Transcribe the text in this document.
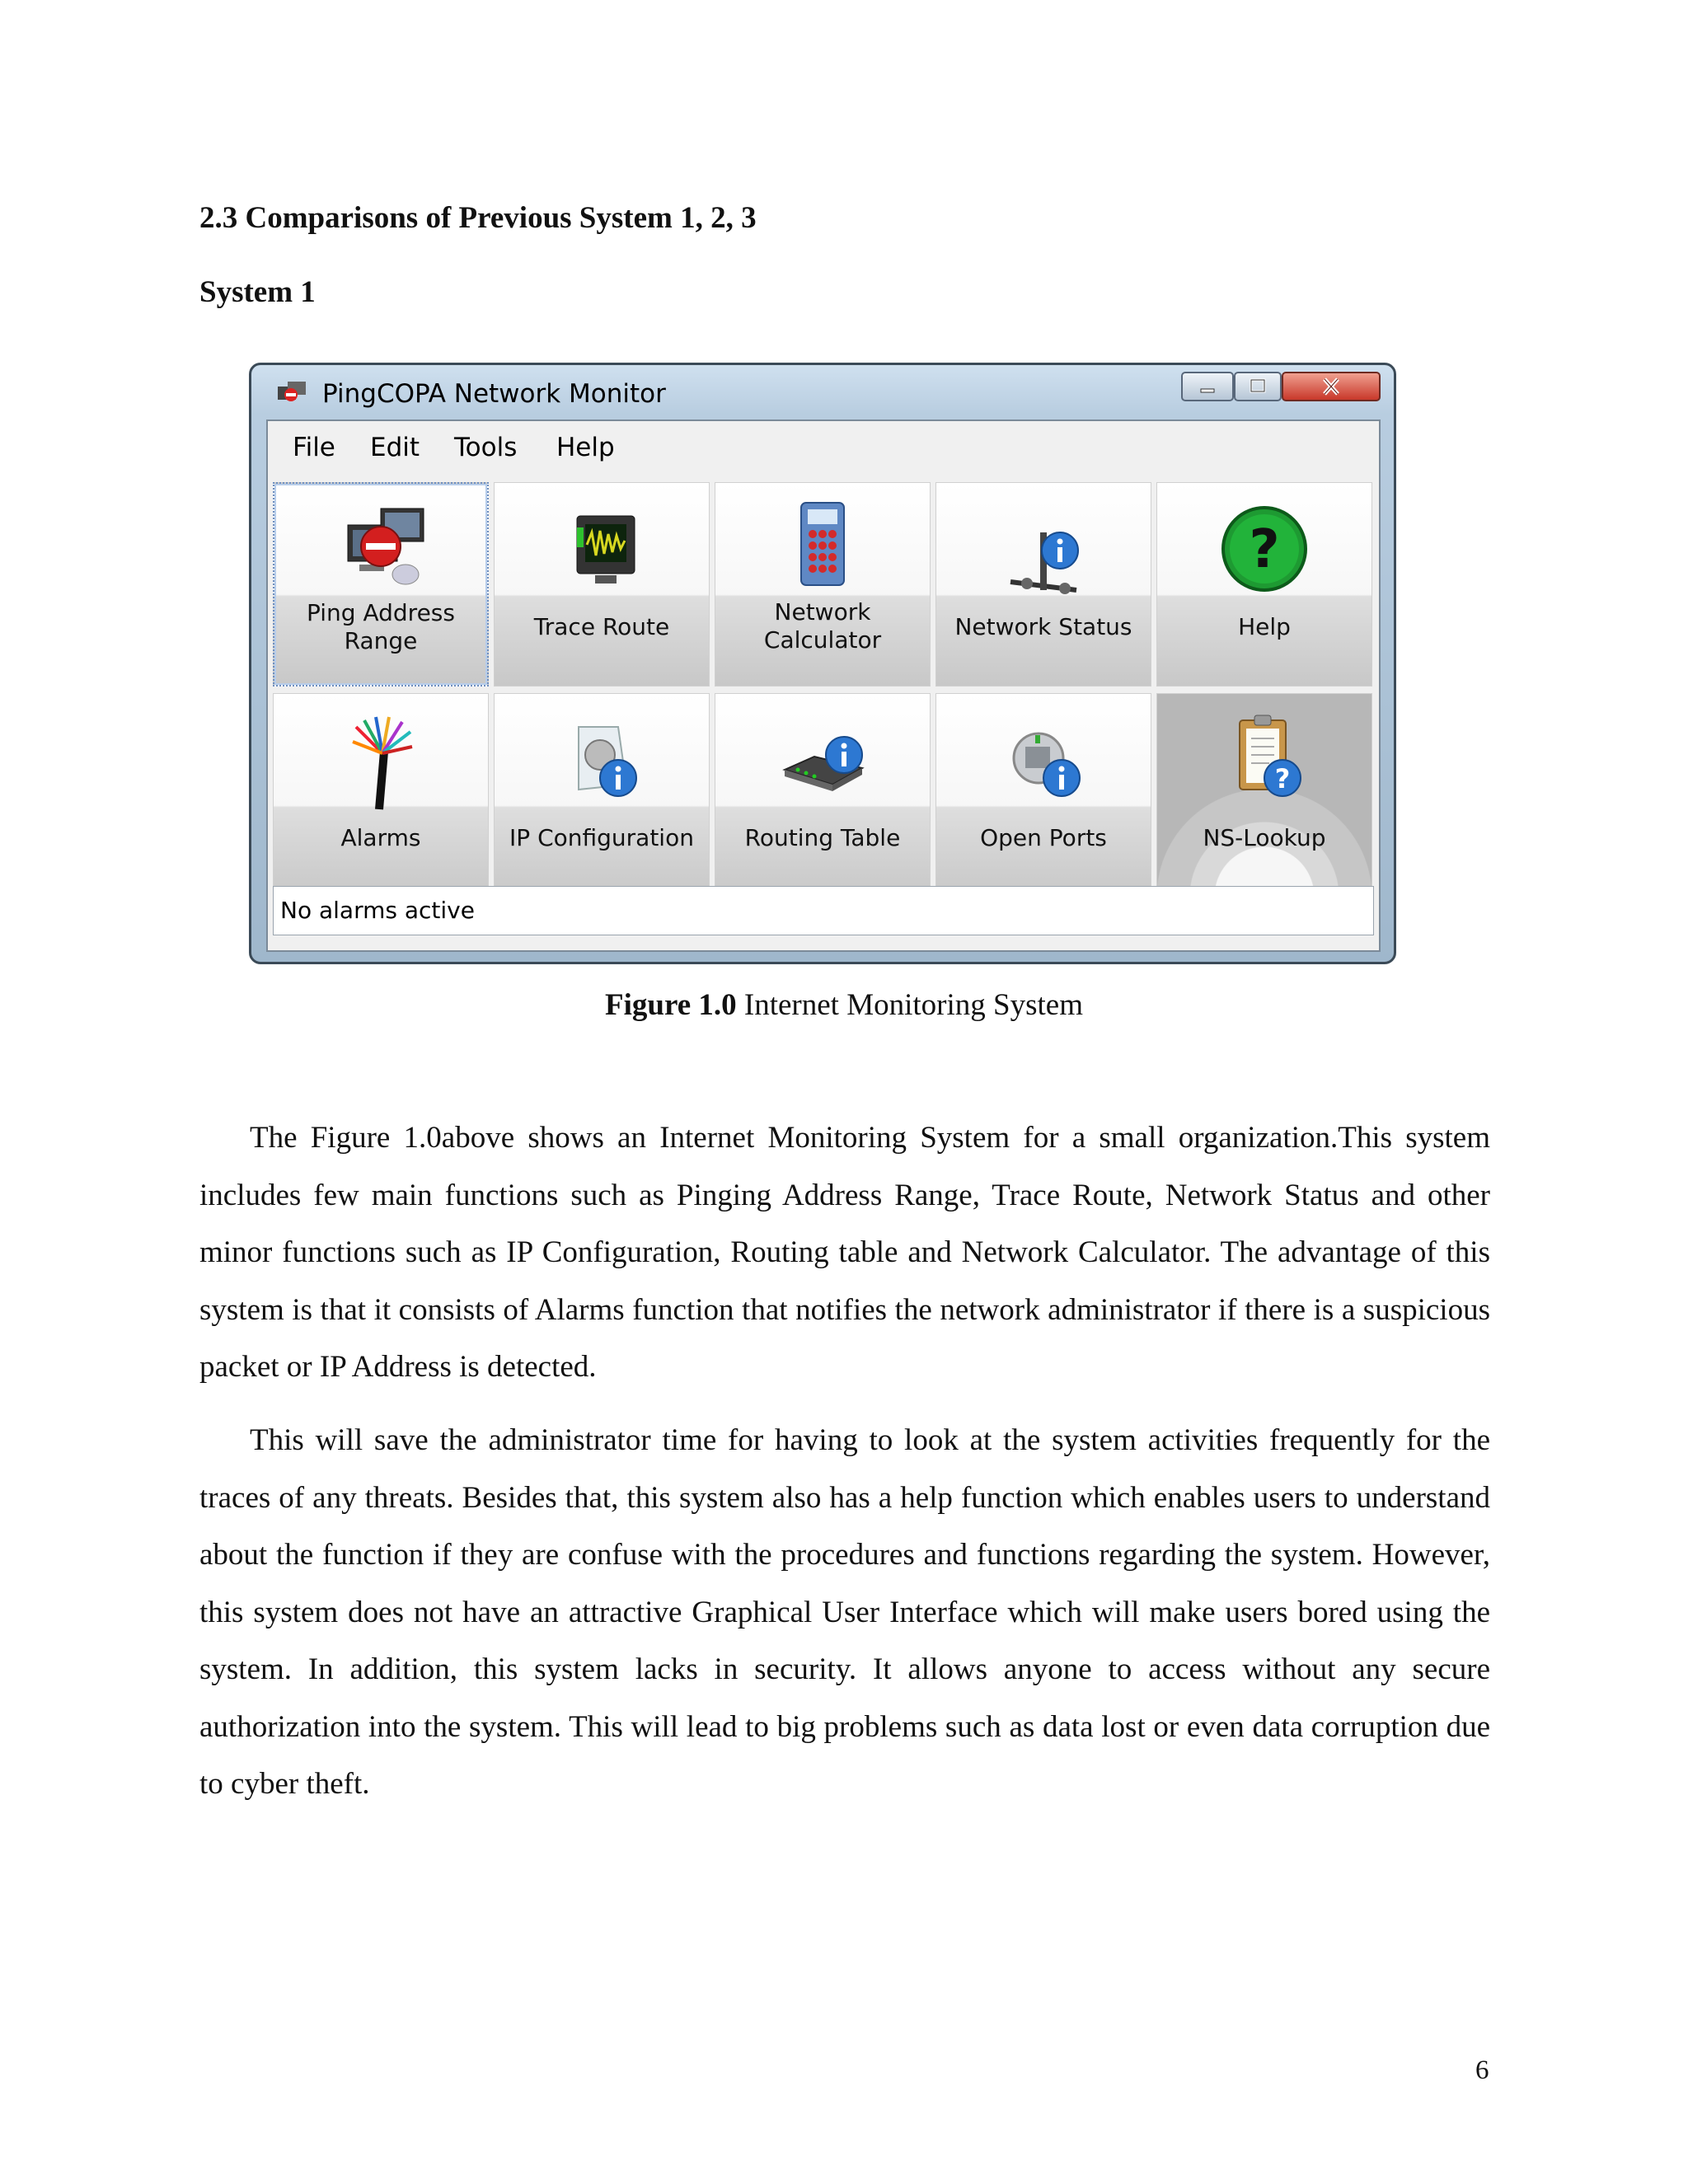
2.3 Comparisons of Previous System 1, 2, 3
System 1
PingCOPA Network Monitor
File Edit Tools Help
Ping Address Range
Trace Route
Network Calculator	Network Status
?
Help
Alarms	IP Configuration	Routing Table	Open Ports
?
NS-Lookup
No alarms active
Figure 1.0 Internet Monitoring System

The Figure 1.0above shows an Internet Monitoring System for a small organization.This system includes few main functions such as Pinging Address Range, Trace Route, Network Status and other minor functions such as IP Configuration, Routing table and Network Calculator. The advantage of this system is that it consists of Alarms function that notifies the network administrator if there is a suspicious packet or IP Address is detected.

This will save the administrator time for having to look at the system activities frequently for the traces of any threats. Besides that, this system also has a help function which enables users to understand about the function if they are confuse with the procedures and functions regarding the system. However, this system does not have an attractive Graphical User Interface which will make users bored using the system. In addition, this system lacks in security. It allows anyone to access without any secure authorization into the system. This will lead to big problems such as data lost or even data corruption due to cyber theft.

6
